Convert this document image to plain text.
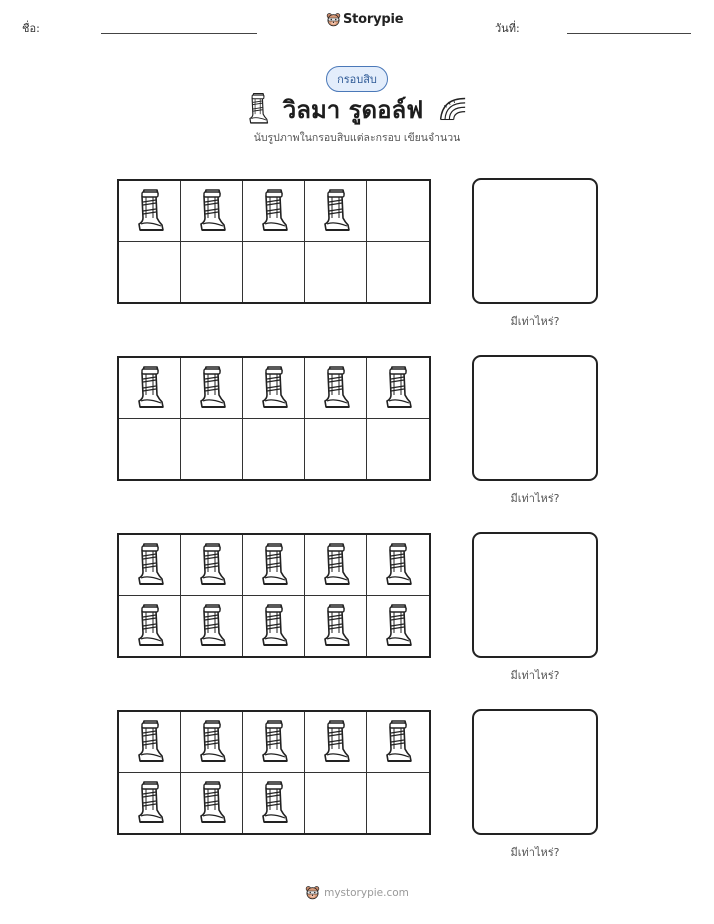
ชื่อ:
Storypie
วันที่:
กรอบสิบ
วิลมา รูดอล์ฟ
นับรูปภาพในกรอบสิบแต่ละกรอบ เขียนจำนวน
มีเท่าไหร่?
มีเท่าไหร่?
มีเท่าไหร่?
มีเท่าไหร่?
mystorypie.com
